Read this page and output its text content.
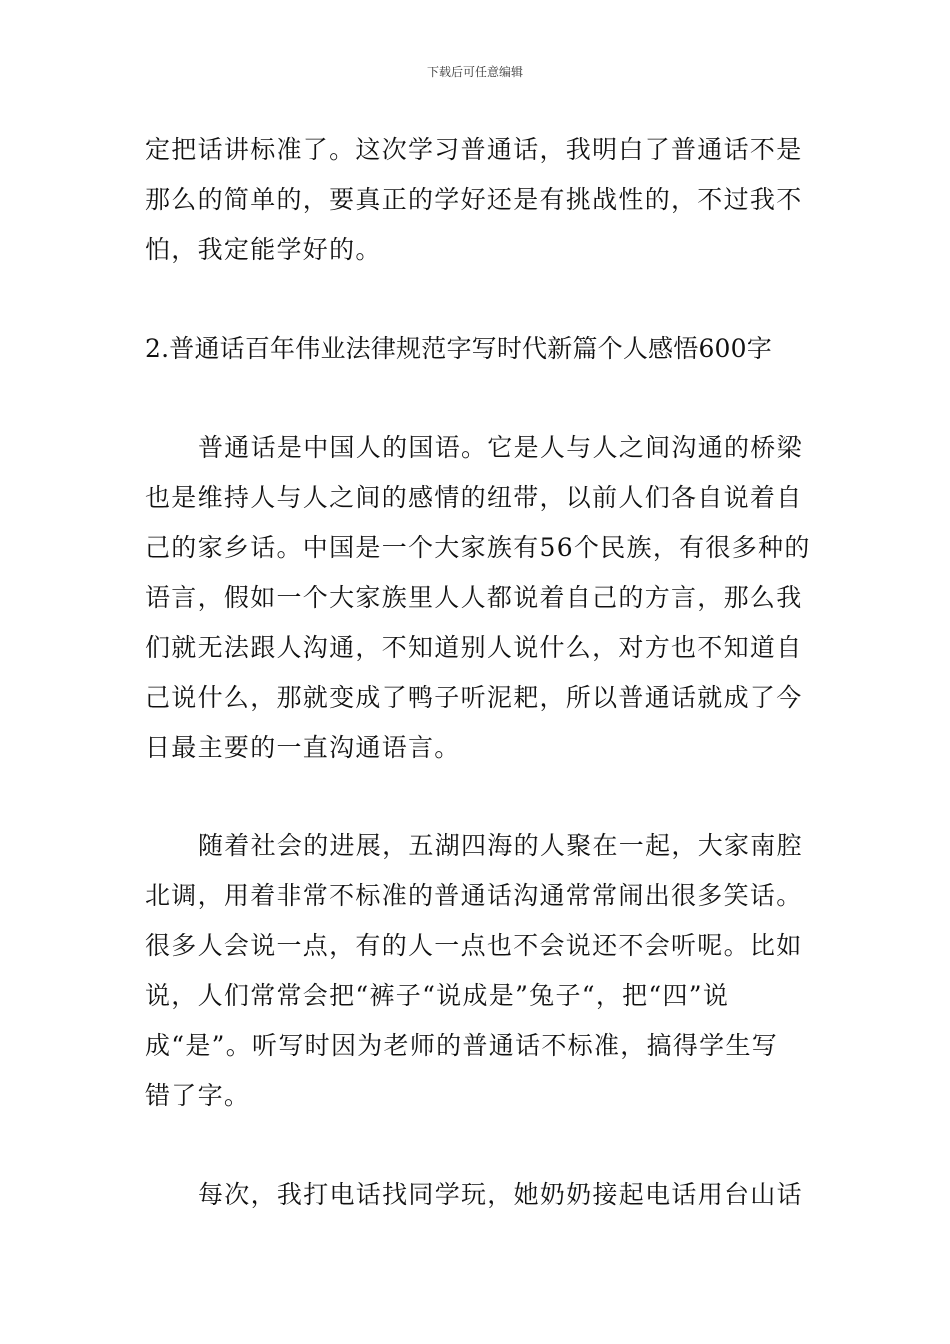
下载后可任意编辑
定把话讲标准了。这次学习普通话，我明白了普通话不是
那么的简单的，要真正的学好还是有挑战性的，不过我不
怕，我定能学好的。
2.普通话百年伟业法律规范字写时代新篇个人感悟600字
普通话是中国人的国语。它是人与人之间沟通的桥梁
也是维持人与人之间的感情的纽带，以前人们各自说着自
己的家乡话。中国是一个大家族有56个民族，有很多种的
语言，假如一个大家族里人人都说着自己的方言，那么我
们就无法跟人沟通，不知道别人说什么，对方也不知道自
己说什么，那就变成了鸭子听泥耙，所以普通话就成了今
日最主要的一直沟通语言。
随着社会的进展，五湖四海的人聚在一起，大家南腔
北调，用着非常不标准的普通话沟通常常闹出很多笑话。
很多人会说一点，有的人一点也不会说还不会听呢。比如
说，人们常常会把“裤子“说成是”兔子“，把“四”说
成“是”。听写时因为老师的普通话不标准，搞得学生写
错了字。
每次，我打电话找同学玩，她奶奶接起电话用台山话
